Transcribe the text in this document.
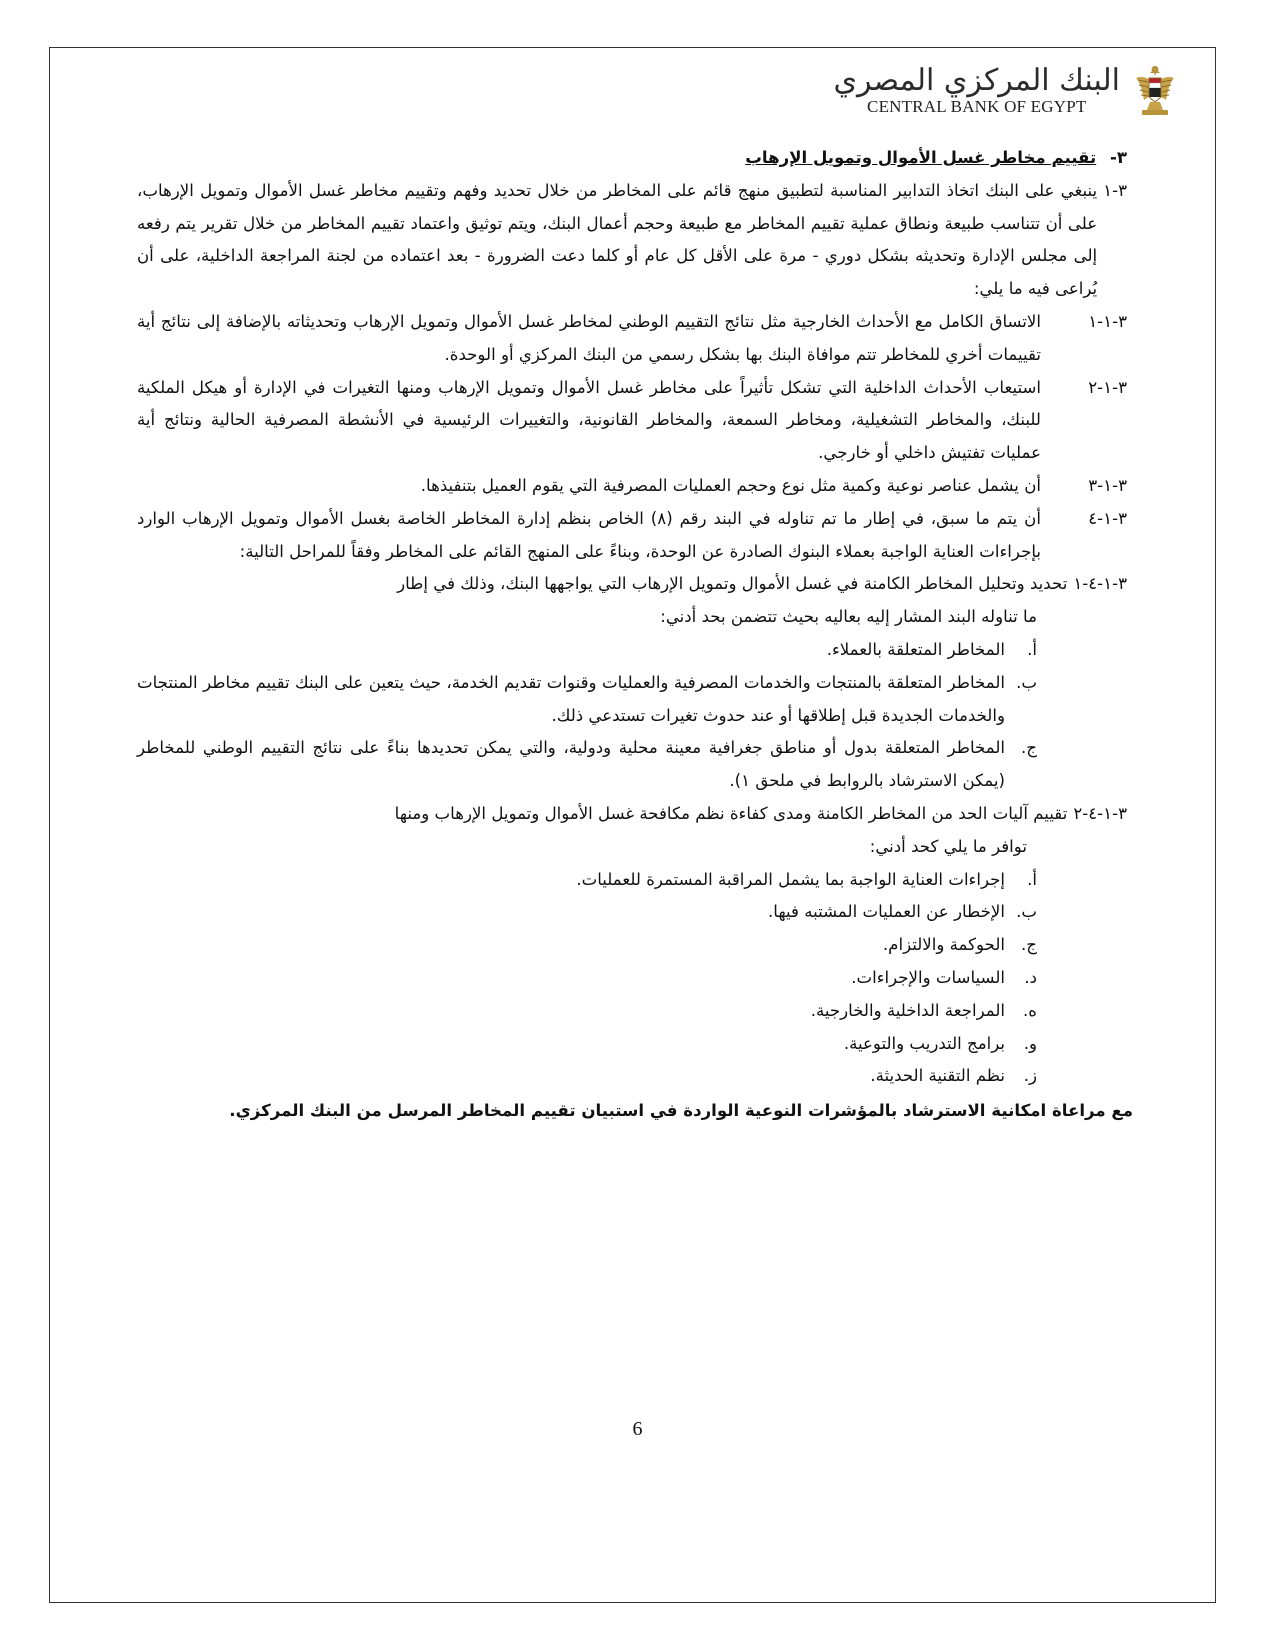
البنك المركزي المصري
CENTRAL BANK OF EGYPT

٣- تقييم مخاطر غسل الأموال وتمويل الإرهاب

٣-١
ينبغي على البنك اتخاذ التدابير المناسبة لتطبيق منهج قائم على المخاطر من خلال تحديد وفهم وتقييم مخاطر غسل الأموال وتمويل الإرهاب، على أن تتناسب طبيعة ونطاق عملية تقييم المخاطر مع طبيعة وحجم أعمال البنك، ويتم توثيق واعتماد تقييم المخاطر من خلال تقرير يتم رفعه إلى مجلس الإدارة وتحديثه بشكل دوري - مرة على الأقل كل عام أو كلما دعت الضرورة - بعد اعتماده من لجنة المراجعة الداخلية، على أن يُراعى فيه ما يلي:
٣-١-١
الاتساق الكامل مع الأحداث الخارجية مثل نتائج التقييم الوطني لمخاطر غسل الأموال وتمويل الإرهاب وتحديثاته بالإضافة إلى نتائج أية تقييمات أخري للمخاطر تتم موافاة البنك بها بشكل رسمي من البنك المركزي أو الوحدة.
٣-١-٢
استيعاب الأحداث الداخلية التي تشكل تأثيراً على مخاطر غسل الأموال وتمويل الإرهاب ومنها التغيرات في الإدارة أو هيكل الملكية للبنك، والمخاطر التشغيلية، ومخاطر السمعة، والمخاطر القانونية، والتغييرات الرئيسية في الأنشطة المصرفية الحالية ونتائج أية عمليات تفتيش داخلي أو خارجي.
٣-١-٣
أن يشمل عناصر نوعية وكمية مثل نوع وحجم العمليات المصرفية التي يقوم العميل بتنفيذها.
٣-١-٤
أن يتم ما سبق، في إطار ما تم تناوله في البند رقم (٨) الخاص بنظم إدارة المخاطر الخاصة بغسل الأموال وتمويل الإرهاب الوارد بإجراءات العناية الواجبة بعملاء البنوك الصادرة عن الوحدة، وبناءً على المنهج القائم على المخاطر وفقاً للمراحل التالية:
٣-١-٤-١
تحديد وتحليل المخاطر الكامنة في غسل الأموال وتمويل الإرهاب التي يواجهها البنك، وذلك في إطار

ما تناوله البند المشار إليه بعاليه بحيث تتضمن بحد أدني:

أ.
المخاطر المتعلقة بالعملاء.
ب.
المخاطر المتعلقة بالمنتجات والخدمات المصرفية والعمليات وقنوات تقديم الخدمة، حيث يتعين على البنك تقييم مخاطر المنتجات والخدمات الجديدة قبل إطلاقها أو عند حدوث تغيرات تستدعي ذلك.
ج.
المخاطر المتعلقة بدول أو مناطق جغرافية معينة محلية ودولية، والتي يمكن تحديدها بناءً على نتائج التقييم الوطني للمخاطر (يمكن الاسترشاد بالروابط في ملحق ١).
٣-١-٤-٢
تقييم آليات الحد من المخاطر الكامنة ومدى كفاءة نظم مكافحة غسل الأموال وتمويل الإرهاب ومنها

توافر ما يلي كحد أدني:

أ.
إجراءات العناية الواجبة بما يشمل المراقبة المستمرة للعمليات.
ب.
الإخطار عن العمليات المشتبه فيها.
ج.
الحوكمة والالتزام.
د.
السياسات والإجراءات.
ه.
المراجعة الداخلية والخارجية.
و.
برامج التدريب والتوعية.
ز.
نظم التقنية الحديثة.

مع مراعاة امكانية الاسترشاد بالمؤشرات النوعية الواردة في استبيان تقييم المخاطر المرسل من البنك المركزي.

6
